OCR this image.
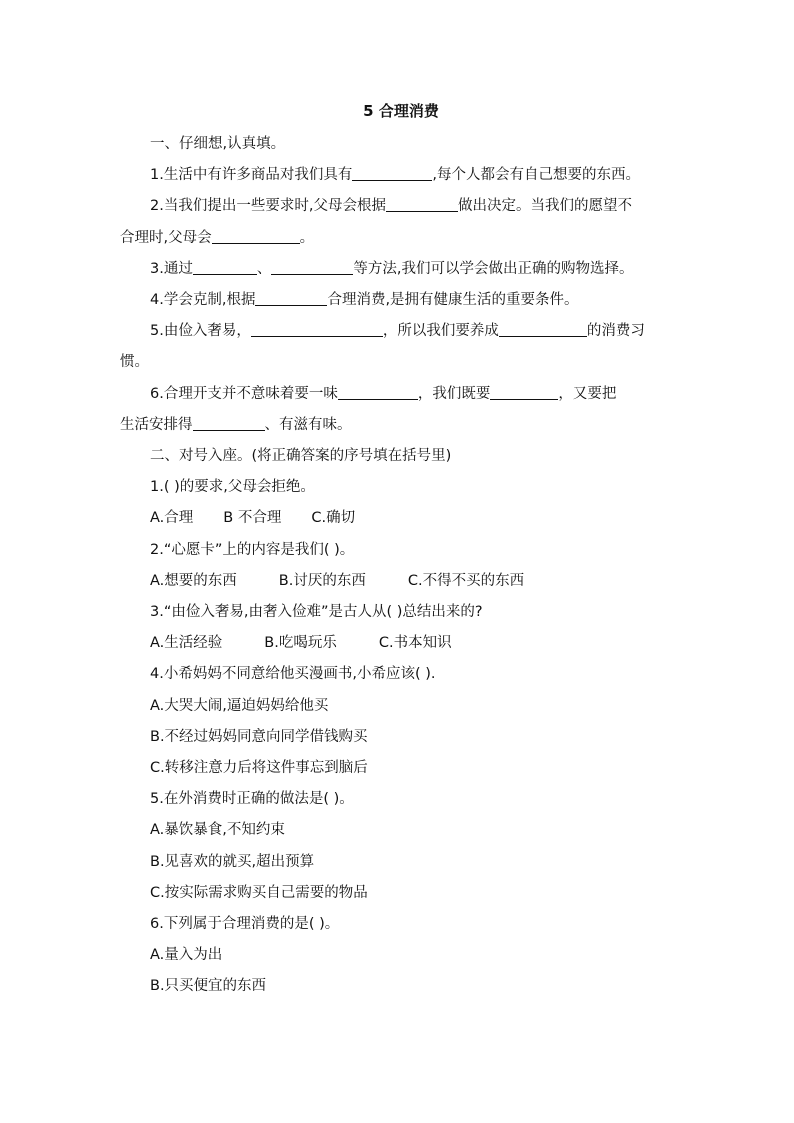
5 合理消费
一、仔细想,认真填。
1.生活中有许多商品对我们具有	,每个人都会有自己想要的东西。
2.当我们提出一些要求时,父母会根据	做出决定。当我们的愿望不
合理时,父母会	。
3.通过	、	等方法,我们可以学会做出正确的购物选择。
4.学会克制,根据	合理消费,是拥有健康生活的重要条件。
5.由俭入奢易，	，所以我们要养成	的消费习
惯。
6.合理开支并不意味着要一味	，我们既要	，又要把
生活安排得	、有滋有味。
二、对号入座。(将正确答案的序号填在括号里)
1.( )的要求,父母会拒绝。
A.合理 B 不合理 C.确切
2.“心愿卡”上的内容是我们( )。
A.想要的东西	B.讨厌的东西	C.不得不买的东西
3.“由俭入奢易,由奢入俭难”是古人从( )总结出来的?
A.生活经验	B.吃喝玩乐	C.书本知识
4.小希妈妈不同意给他买漫画书,小希应该( ).
A.大哭大闹,逼迫妈妈给他买
B.不经过妈妈同意向同学借钱购买
C.转移注意力后将这件事忘到脑后
5.在外消费时正确的做法是( )。
A.暴饮暴食,不知约束
B.见喜欢的就买,超出预算
C.按实际需求购买自己需要的物品
6.下列属于合理消费的是( )。
A.量入为出
B.只买便宜的东西
